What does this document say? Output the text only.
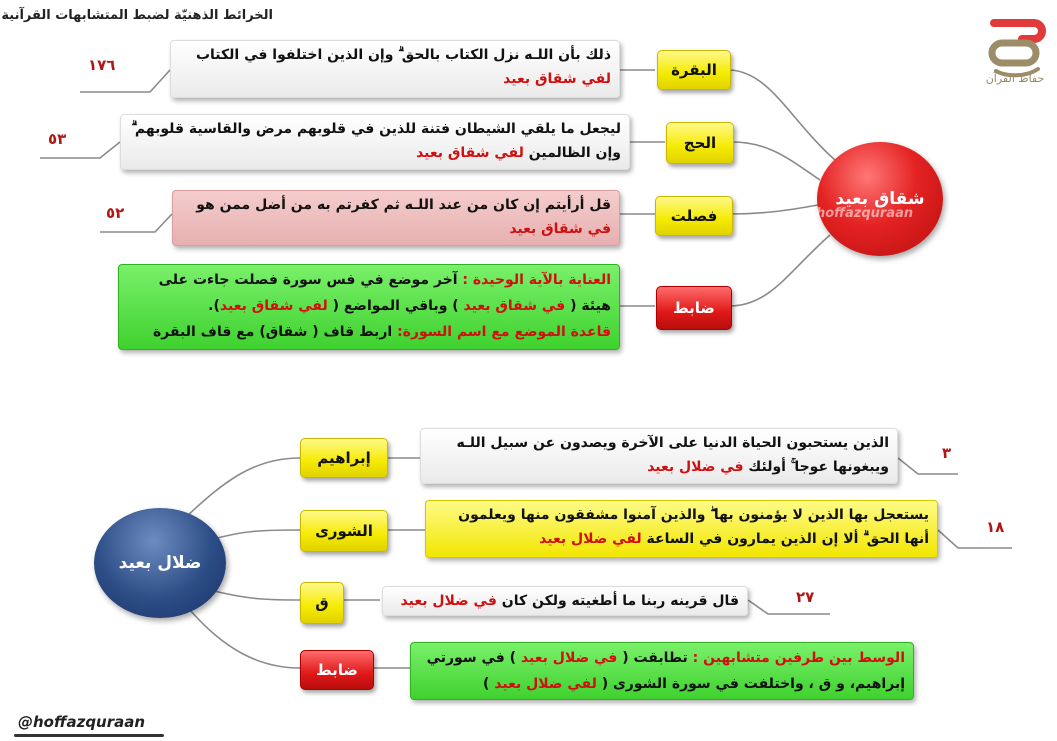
الخرائط الذهنيّة لضبط المتشابهات القرآنية
حفاظ القرآن
شقاق بعيد
@hoffazquraan
البقرة
ذلك بأن اللـه نزل الكتاب بالحق ۗ وإن الذين اختلفوا في الكتاب
لفي شقاق بعيد
١٧٦
الحج
ليجعل ما يلقي الشيطان فتنة للذين في قلوبهم مرض والقاسية قلوبهم ۗ
وإن الظالمين لفي شقاق بعيد
٥٣
فصلت
قل أرأيتم إن كان من عند اللـه ثم كفرتم به من أضل ممن هو
في شقاق بعيد
٥٢
ضابط
العناية بالآية الوحيدة : آخر موضع في فس سورة فصلت جاءت على
هيئة ( في شقاق بعيد ) وباقي المواضع ( لفي شقاق بعيد).
قاعدة الموضع مع اسم السورة: اربط قاف ( شقاق) مع قاف البقرة
ضلال بعيد
إبراهيم
الذين يستحبون الحياة الدنيا على الآخرة ويصدون عن سبيل اللـه
ويبغونها عوجا ۚ أولئك في ضلال بعيد
٣
الشورى
يستعجل بها الذين لا يؤمنون بها ۖ والذين آمنوا مشفقون منها ويعلمون
أنها الحق ۗ ألا إن الذين يمارون في الساعة لفي ضلال بعيد
١٨
ق	قال قرينه ربنا ما أطغيته ولكن كان في ضلال بعيد	٢٧
ضابط
الوسط بين طرفين متشابهين : تطابقت ( في ضلال بعيد ) في سورتي
إبراهيم، و ق ، واختلفت في سورة الشورى ( لفي ضلال بعيد )
@hoffazquraan
